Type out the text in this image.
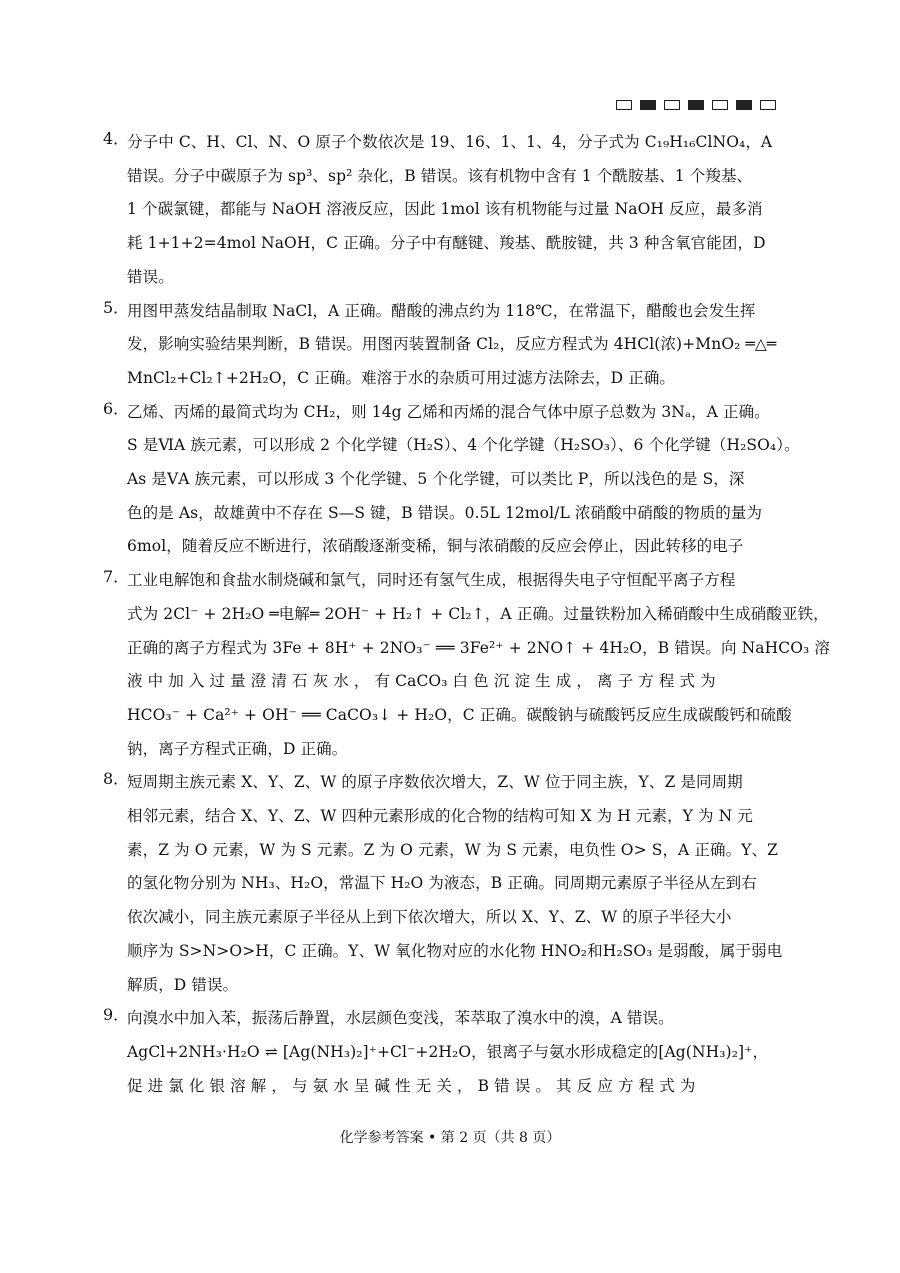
4．

分子中 C、H、Cl、N、O 原子个数依次是 19、16、1、1、4，分子式为 C₁₉H₁₆ClNO₄，A

错误。分子中碳原子为 sp³、sp² 杂化，B 错误。该有机物中含有 1 个酰胺基、1 个羧基、

1 个碳氯键，都能与 NaOH 溶液反应，因此 1mol 该有机物能与过量 NaOH 反应，最多消

耗 1+1+2=4mol NaOH，C 正确。分子中有醚键、羧基、酰胺键，共 3 种含氧官能团，D

错误。

5．

用图甲蒸发结晶制取 NaCl，A 正确。醋酸的沸点约为 118℃，在常温下，醋酸也会发生挥

发，影响实验结果判断，B 错误。用图丙装置制备 Cl₂，反应方程式为 4HCl(浓)+MnO₂ ═△═

MnCl₂+Cl₂↑+2H₂O，C 正确。难溶于水的杂质可用过滤方法除去，D 正确。

6．

乙烯、丙烯的最简式均为 CH₂，则 14g 乙烯和丙烯的混合气体中原子总数为 3Nₐ，A 正确。

S 是ⅥA 族元素，可以形成 2 个化学键（H₂S）、4 个化学键（H₂SO₃）、6 个化学键（H₂SO₄）。

As 是ⅤA 族元素，可以形成 3 个化学键、5 个化学键，可以类比 P，所以浅色的是 S，深

色的是 As，故雄黄中不存在 S—S 键，B 错误。0.5L 12mol/L 浓硝酸中硝酸的物质的量为

6mol，随着反应不断进行，浓硝酸逐渐变稀，铜与浓硝酸的反应会停止，因此转移的电子

7．

工业电解饱和食盐水制烧碱和氯气，同时还有氢气生成，根据得失电子守恒配平离子方程

式为 2Cl⁻ + 2H₂O ═电解═ 2OH⁻ + H₂↑ + Cl₂↑，A 正确。过量铁粉加入稀硝酸中生成硝酸亚铁，

正确的离子方程式为 3Fe + 8H⁺ + 2NO₃⁻ ══ 3Fe²⁺ + 2NO↑ + 4H₂O，B 错误。向 NaHCO₃ 溶

液 中 加 入 过 量 澄 清 石 灰 水 ， 有 CaCO₃ 白 色 沉 淀 生 成 ， 离 子 方 程 式 为

HCO₃⁻ + Ca²⁺ + OH⁻ ══ CaCO₃↓ + H₂O，C 正确。碳酸钠与硫酸钙反应生成碳酸钙和硫酸

钠，离子方程式正确，D 正确。

8．

短周期主族元素 X、Y、Z、W 的原子序数依次增大，Z、W 位于同主族，Y、Z 是同周期

相邻元素，结合 X、Y、Z、W 四种元素形成的化合物的结构可知 X 为 H 元素，Y 为 N 元

素，Z 为 O 元素，W 为 S 元素。Z 为 O 元素，W 为 S 元素，电负性 O> S，A 正确。Y、Z

的氢化物分别为 NH₃、H₂O，常温下 H₂O 为液态，B 正确。同周期元素原子半径从左到右

依次减小，同主族元素原子半径从上到下依次增大，所以 X、Y、Z、W 的原子半径大小

顺序为 S>N>O>H，C 正确。Y、W 氧化物对应的水化物 HNO₂和H₂SO₃ 是弱酸，属于弱电

解质，D 错误。

9．

向溴水中加入苯，振荡后静置，水层颜色变浅，苯萃取了溴水中的溴，A 错误。

AgCl+2NH₃·H₂O ⇌ [Ag(NH₃)₂]⁺+Cl⁻+2H₂O，银离子与氨水形成稳定的[Ag(NH₃)₂]⁺，

促 进 氯 化 银 溶 解 ， 与 氨 水 呈 碱 性 无 关 ， B 错 误 。 其 反 应 方 程 式 为

化学参考答案 • 第 2 页（共 8 页）
